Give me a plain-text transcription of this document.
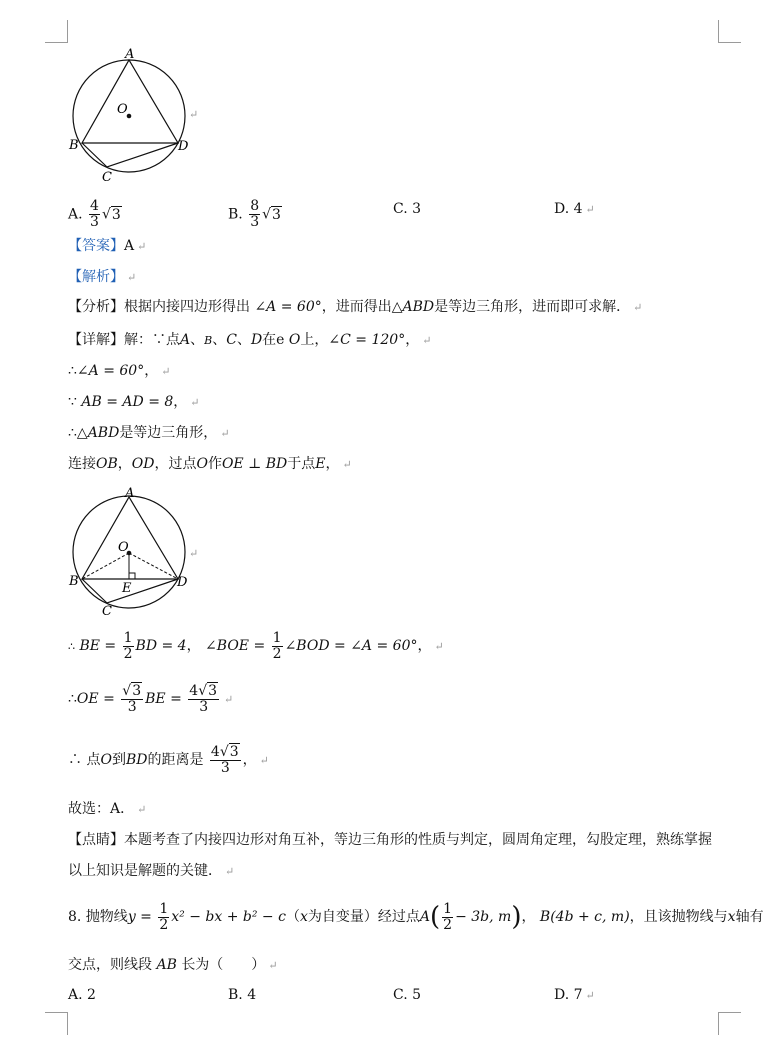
A
O
B
C
D
↵
A. $\frac{4}{3} √3$	B. $\frac{8}{3} √3$	C. 3	D. 4 ↵
【答案】A ↵
【解析】 ↵
【分析】根据内接四边形得出 ∠A = 60°，进而得出△ABD是等边三角形，进而即可求解． ↵
【详解】解：∵点A、B、C、D在e O上，∠C = 120°， ↵
∴∠A = 60°， ↵
∵ AB = AD = 8， ↵
∴△ABD是等边三角形， ↵
连接OB，OD，过点O作OE ⊥ BD于点E， ↵
A
O
B	E
C
D
↵
∴ BE = $\frac{1}{2}$ BD = 4， ∠BOE = $\frac{1}{2}$ ∠BOD = ∠A = 60°， ↵
∴OE = $\frac{√3}{3}$ BE = $\frac{4√3}{3}$ ↵
∴ 点O到BD的距离是 $\frac{4√3}{3}$ ， ↵
故选：A． ↵
【点睛】本题考查了内接四边形对角互补，等边三角形的性质与判定，圆周角定理，勾股定理，熟练掌握
以上知识是解题的关键． ↵
8. 抛物线$y = \frac{1}{2} x^2$ − bx + b² − c（x为自变量）经过点$A( \frac{1}{2} - 3b$, m)， B(4b + c, m)，且该抛物线与x轴有
交点，则线段 AB 长为（　　） ↵
A. 2	B. 4	C. 5	D. 7 ↵
